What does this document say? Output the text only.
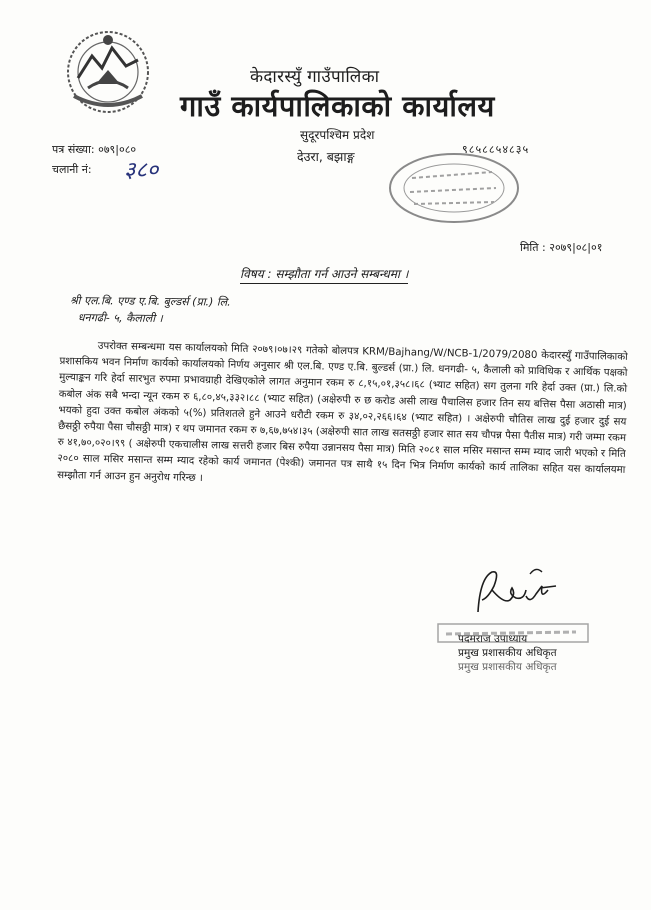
केदारस्युँ गाउँपालिका
गाउँ कार्यपालिकाको कार्यालय
सुदूरपश्चिम प्रदेश
देउरा, बझाङ्ग	९८५८८५४८३५
पत्र संख्या: ०७९|०८०
चलानी नं: ३८०
मिति : २०७९|०८|०१
विषय : सम्झौता गर्न आउने सम्बन्धमा ।
श्री एल.बि. एण्ड ए.बि. बुल्डर्स (प्रा.) लि.
धनगढी- ५, कैलाली ।
उपरोक्त सम्बन्धमा यस कार्यालयको मिति २०७९।०७।२९ गतेको बोलपत्र KRM/Bajhang/W/NCB-1/2079/2080 केदारस्युँ गाउँपालिकाको प्रशासकिय भवन निर्माण कार्यको कार्यालयको निर्णय अनुसार श्री एल.बि. एण्ड ए.बि. बुल्डर्स (प्रा.) लि. धनगढी- ५, कैलाली को प्राविधिक र आर्थिक पक्षको मुल्याङ्कन गरि हेर्दा सारभुत रुपमा प्रभावग्राही देखिएकोले लागत अनुमान रकम रु ८,१५,०१,३५८।६८ (भ्याट सहित) सग तुलना गरि हेर्दा उक्त (प्रा.) लि.को कबोल अंक सबै भन्दा न्यून रकम रु ६,८०,४५,३३२।८८ (भ्याट सहित) (अक्षेरुपी रु छ करोड असी लाख पैचालिस हजार तिन सय बत्तिस पैसा अठासी मात्र) भयको हुदा उक्त कबोल अंकको ५(%) प्रतिशतले हुने आउने धरौटी रकम रु ३४,०२,२६६।६४ (भ्याट सहित) । अक्षेरुपी चौतिस लाख दुई हजार दुई सय छैसठ्ठी रुपैया पैसा चौसठ्ठी मात्र) र थप जमानत रकम रु ७,६७,७५४।३५ (अक्षेरुपी सात लाख सतसठ्ठी हजार सात सय चौपन्न पैसा पैतीस मात्र) गरी जम्मा रकम रु ४१,७०,०२०।९९ ( अक्षेरुपी एकचालीस लाख सत्तरी हजार बिस रुपैया उन्नानसय पैसा मात्र) मिति २०८१ साल मसिर मसान्त सम्म म्याद जारी भएको र मिति २०८० साल मसिर मसान्त सम्म म्याद रहेको कार्य जमानत (पेश्की) जमानत पत्र साथै १५ दिन भित्र निर्माण कार्यको कार्य तालिका सहित यस कार्यालयमा सम्झौता गर्न आउन हुन अनुरोध गरिन्छ ।
पदमराज उपाध्याय
प्रमुख प्रशासकीय अधिकृत
प्रमुख प्रशासकीय अधिकृत
